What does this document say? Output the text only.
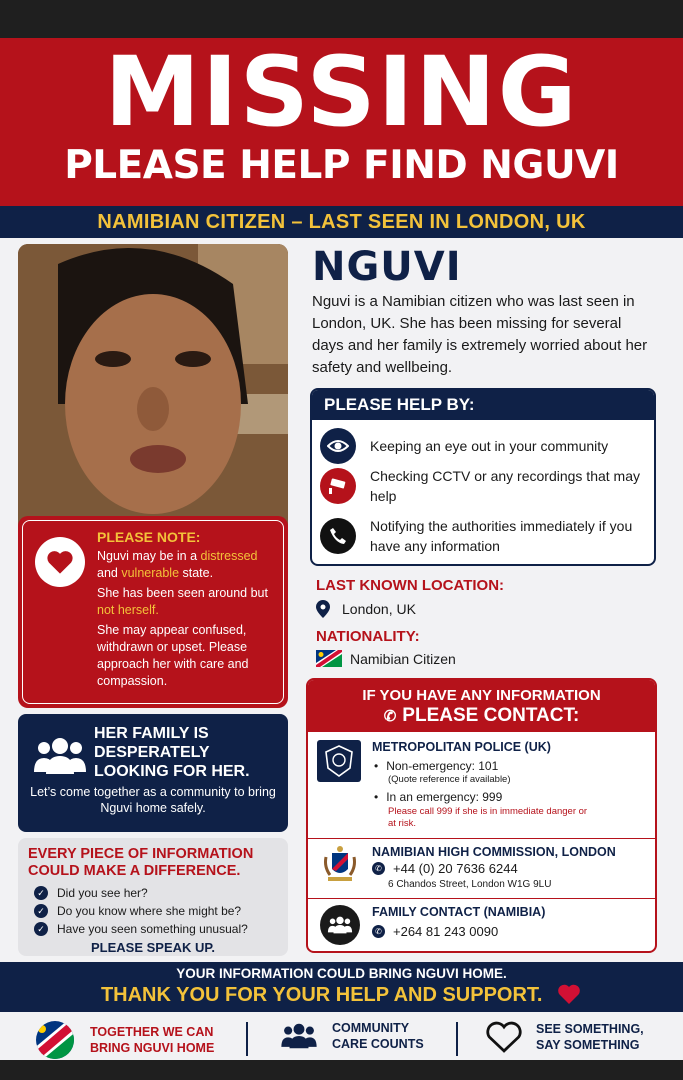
MISSING
PLEASE HELP FIND NGUVI
NAMIBIAN CITIZEN – LAST SEEN IN LONDON, UK
PLEASE NOTE:

Nguvi may be in a distressed and vulnerable state.

She has been seen around but not herself.

She may appear confused, withdrawn or upset. Please approach her with care and compassion.

HER FAMILY IS DESPERATELY LOOKING FOR HER.
Let’s come together as a community to bring Nguvi home safely.
EVERY PIECE OF INFORMATION COULD MAKE A DIFFERENCE.
✓ Did you see her?
✓ Do you know where she might be?
✓ Have you seen something unusual?
PLEASE SPEAK UP.
NGUVI
Nguvi is a Namibian citizen who was last seen in London, UK. She has been missing for several days and her family is extremely worried about her safety and wellbeing.
PLEASE HELP BY:
Keeping an eye out in your community
Checking CCTV or any recordings that may help
Notifying the authorities immediately if you have any information
LAST KNOWN LOCATION:
London, UK
NATIONALITY:
Namibian Citizen
IF YOU HAVE ANY INFORMATION
✆ PLEASE CONTACT:
METROPOLITAN POLICE (UK)
• Non-emergency: 101
(Quote reference if available)
• In an emergency: 999
Please call 999 if she is in immediate danger or at risk.
NAMIBIAN HIGH COMMISSION, LONDON
✆ +44 (0) 20 7636 6244
6 Chandos Street, London W1G 9LU
FAMILY CONTACT (NAMIBIA)
✆ +264 81 243 0090
YOUR INFORMATION COULD BRING NGUVI HOME.
THANK YOU FOR YOUR HELP AND SUPPORT.
TOGETHER WE CAN BRING NGUVI HOME
COMMUNITY CARE COUNTS
SEE SOMETHING, SAY SOMETHING
